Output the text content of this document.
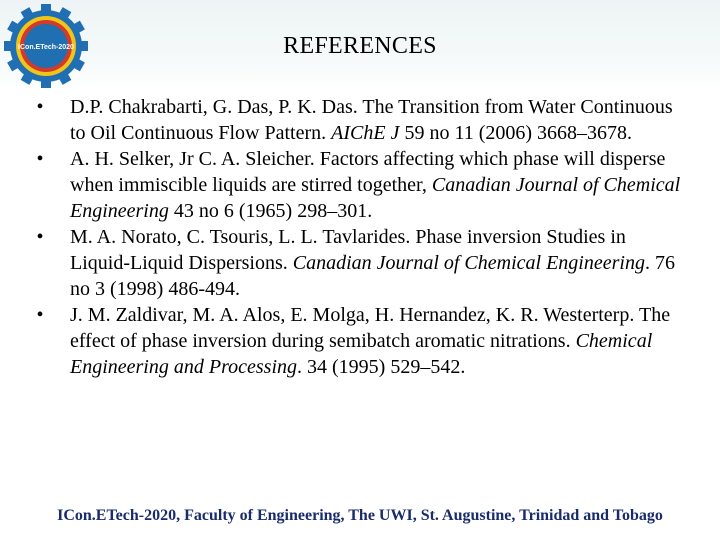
ICon.ETech-2020	REFERENCES
•	D.P. Chakrabarti, G. Das, P. K. Das. The Transition from Water Continuous to Oil Continuous Flow Pattern. AIChE J 59 no 11 (2006) 3668–3678.
•	A. H. Selker, Jr C. A. Sleicher. Factors affecting which phase will disperse when immiscible liquids are stirred together, Canadian Journal of Chemical Engineering 43 no 6 (1965) 298–301.
•	M. A. Norato, C. Tsouris, L. L. Tavlarides. Phase inversion Studies in Liquid-Liquid Dispersions. Canadian Journal of Chemical Engineering. 76 no 3 (1998) 486-494.
•	J. M. Zaldivar, M. A. Alos, E. Molga, H. Hernandez, K. R. Westerterp. The effect of phase inversion during semibatch aromatic nitrations. Chemical Engineering and Processing. 34 (1995) 529–542.
ICon.ETech-2020, Faculty of Engineering, The UWI, St. Augustine, Trinidad and Tobago
